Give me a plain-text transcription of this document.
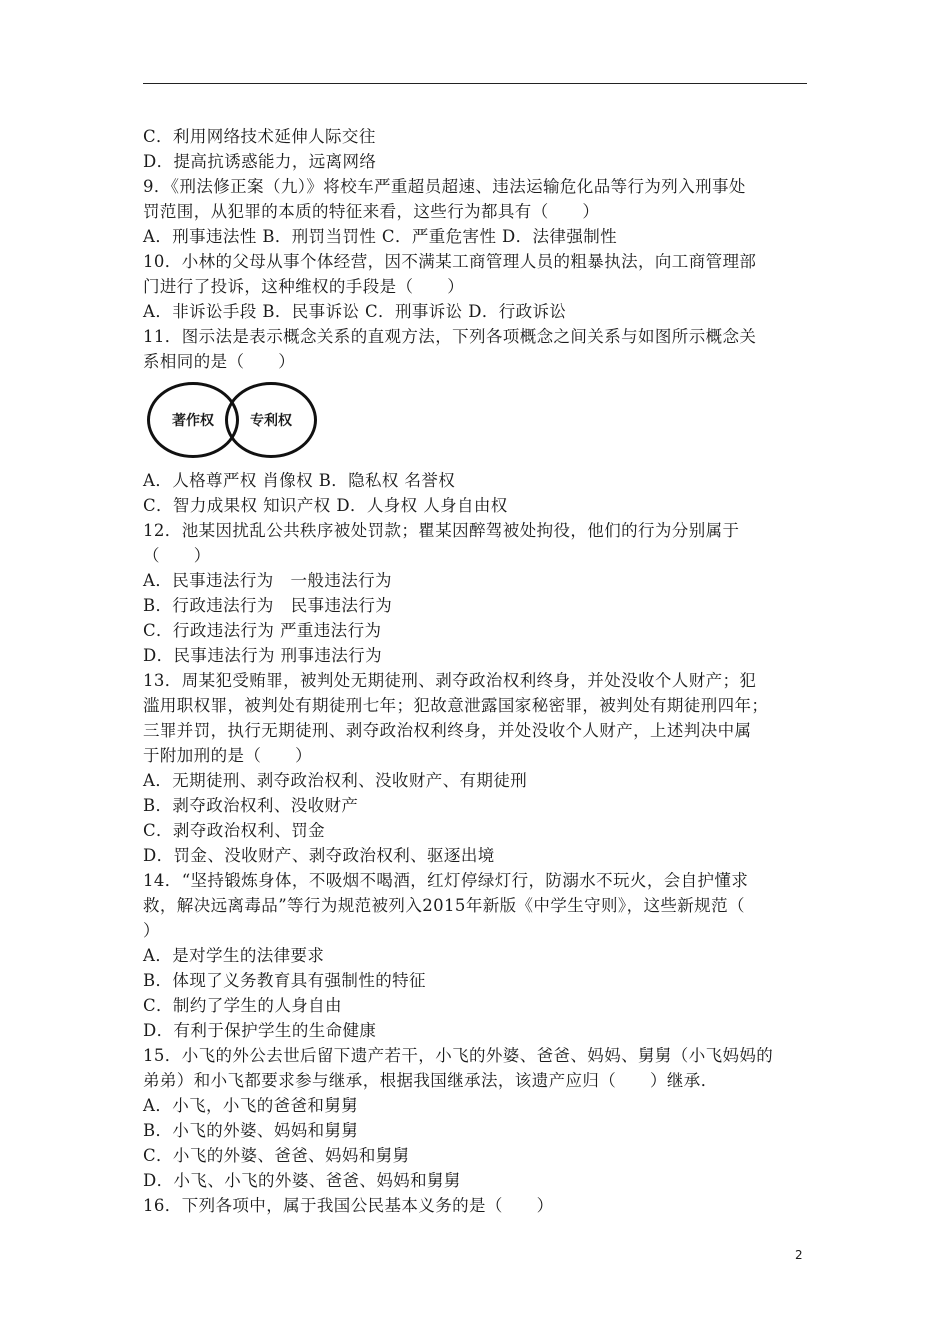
C．利用网络技术延伸人际交往
D．提高抗诱惑能力，远离网络
9．《刑法修正案（九）》将校车严重超员超速、违法运输危化品等行为列入刑事处
罚范围，从犯罪的本质的特征来看，这些行为都具有（　　）
A．刑事违法性 B．刑罚当罚性 C．严重危害性 D．法律强制性
10．小林的父母从事个体经营，因不满某工商管理人员的粗暴执法，向工商管理部
门进行了投诉，这种维权的手段是（　　）
A．非诉讼手段 B．民事诉讼 C．刑事诉讼 D．行政诉讼
11．图示法是表示概念关系的直观方法，下列各项概念之间关系与如图所示概念关
系相同的是（　　）
著作权	专利权
A．人格尊严权 肖像权 B．隐私权 名誉权
C．智力成果权 知识产权 D．人身权 人身自由权
12．池某因扰乱公共秩序被处罚款；瞿某因醉驾被处拘役，他们的行为分别属于
（　　）
A．民事违法行为　一般违法行为
B．行政违法行为　民事违法行为
C．行政违法行为 严重违法行为
D．民事违法行为 刑事违法行为
13．周某犯受贿罪，被判处无期徒刑、剥夺政治权利终身，并处没收个人财产；犯
滥用职权罪，被判处有期徒刑七年；犯故意泄露国家秘密罪，被判处有期徒刑四年；
三罪并罚，执行无期徒刑、剥夺政治权利终身，并处没收个人财产，上述判决中属
于附加刑的是（　　）
A．无期徒刑、剥夺政治权利、没收财产、有期徒刑
B．剥夺政治权利、没收财产
C．剥夺政治权利、罚金
D．罚金、没收财产、剥夺政治权利、驱逐出境
14．“坚持锻炼身体，不吸烟不喝酒，红灯停绿灯行，防溺水不玩火，会自护懂求
救，解决远离毒品”等行为规范被列入2015年新版《中学生守则》，这些新规范（
）
A．是对学生的法律要求
B．体现了义务教育具有强制性的特征
C．制约了学生的人身自由
D．有利于保护学生的生命健康
15．小飞的外公去世后留下遗产若干，小飞的外婆、爸爸、妈妈、舅舅（小飞妈妈的
弟弟）和小飞都要求参与继承，根据我国继承法，该遗产应归（　　）继承．
A．小飞，小飞的爸爸和舅舅
B．小飞的外婆、妈妈和舅舅
C．小飞的外婆、爸爸、妈妈和舅舅
D．小飞、小飞的外婆、爸爸、妈妈和舅舅
16．下列各项中，属于我国公民基本义务的是（　　）
2
